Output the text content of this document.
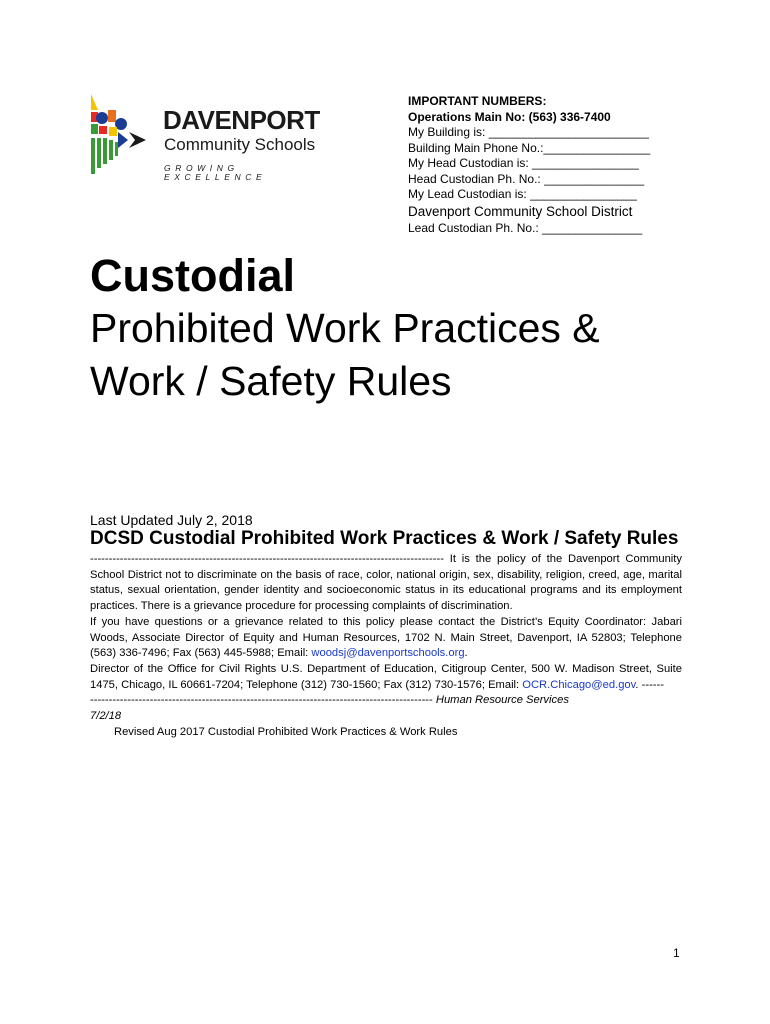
DAVENPORT
Community Schools
GROWING EXCELLENCE
IMPORTANT NUMBERS:
Operations Main No: (563) 336-7400
My Building is: ________________________
Building Main Phone No.:________________
My Head Custodian is: ________________
Head Custodian Ph. No.: _______________
My Lead Custodian is: ________________
Davenport Community School District
Lead Custodian Ph. No.: _______________
Custodial
Prohibited Work Practices &
Work / Safety Rules
Last Updated July 2, 2018
DCSD Custodial Prohibited Work Practices & Work / Safety Rules

----------------------------------------------------------------------------------------------- It is the policy of the Davenport Community School District not to discriminate on the basis of race, color, national origin, sex, disability, religion, creed, age, marital status, sexual orientation, gender identity and socioeconomic status in its educational programs and its employment practices. There is a grievance procedure for processing complaints of discrimination.

If you have questions or a grievance related to this policy please contact the District’s Equity Coordinator: Jabari Woods, Associate Director of Equity and Human Resources, 1702 N. Main Street, Davenport, IA 52803; Telephone (563) 336-7496; Fax (563) 445-5988; Email: woodsj@davenportschools.org.

Director of the Office for Civil Rights U.S. Department of Education, Citigroup Center, 500 W. Madison Street, Suite 1475, Chicago, IL 60661-7204; Telephone (312) 730-1560; Fax (312) 730-1576; Email: OCR.Chicago@ed.gov. ------

-------------------------------------------------------------------------------------------- Human Resource Services

7/2/18

Revised Aug 2017 Custodial Prohibited Work Practices & Work Rules

1
